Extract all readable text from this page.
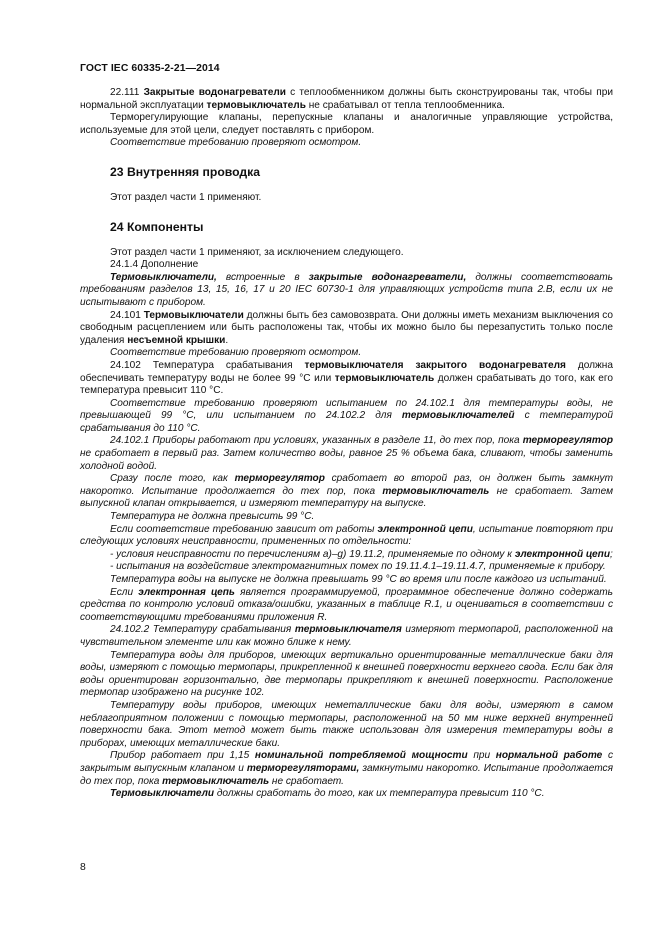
ГОСТ IEC 60335-2-21—2014

22.111 Закрытые водонагреватели с теплообменником должны быть сконструированы так, чтобы при нормальной эксплуатации термовыключатель не срабатывал от тепла теплообменника.

Терморегулирующие клапаны, перепускные клапаны и аналогичные управляющие устройства, используемые для этой цели, следует поставлять с прибором.

Соответствие требованию проверяют осмотром.

23 Внутренняя проводка

Этот раздел части 1 применяют.

24 Компоненты

Этот раздел части 1 применяют, за исключением следующего.

24.1.4 Дополнение

Термовыключатели, встроенные в закрытые водонагреватели, должны соответствовать требованиям разделов 13, 15, 16, 17 и 20 IEC 60730-1 для управляющих устройств типа 2.В, если их не испытывают с прибором.

24.101 Термовыключатели должны быть без самовозврата. Они должны иметь механизм выключения со свободным расцеплением или быть расположены так, чтобы их можно было бы перезапустить только после удаления несъемной крышки.

Соответствие требованию проверяют осмотром.

24.102 Температура срабатывания термовыключателя закрытого водонагревателя должна обеспечивать температуру воды не более 99 °С или термовыключатель должен срабатывать до того, как его температура превысит 110 °С.

Соответствие требованию проверяют испытанием по 24.102.1 для температуры воды, не превышающей 99 °С, или испытанием по 24.102.2 для термовыключателей с температурой срабатывания до 110 °С.

24.102.1 Приборы работают при условиях, указанных в разделе 11, до тех пор, пока терморегулятор не сработает в первый раз. Затем количество воды, равное 25 % объема бака, сливают, чтобы заменить холодной водой.

Сразу после того, как терморегулятор сработает во второй раз, он должен быть замкнут накоротко. Испытание продолжается до тех пор, пока термовыключатель не сработает. Затем выпускной клапан открывается, и измеряют температуру на выпуске.

Температура не должна превысить 99 °С.

Если соответствие требованию зависит от работы электронной цепи, испытание повторяют при следующих условиях неисправности, примененных по отдельности:

- условия неисправности по перечислениям а)–g) 19.11.2, применяемые по одному к электронной цепи;

- испытания на воздействие электромагнитных помех по 19.11.4.1–19.11.4.7, применяемые к прибору.

Температура воды на выпуске не должна превышать 99 °С во время или после каждого из испытаний.

Если электронная цепь является программируемой, программное обеспечение должно содержать средства по контролю условий отказа/ошибки, указанных в таблице R.1, и оцениваться в соответствии с соответствующими требованиями приложения R.

24.102.2 Температуру срабатывания термовыключателя измеряют термопарой, расположенной на чувствительном элементе или как можно ближе к нему.

Температура воды для приборов, имеющих вертикально ориентированные металлические баки для воды, измеряют с помощью термопары, прикрепленной к внешней поверхности верхнего свода. Если бак для воды ориентирован горизонтально, две термопары прикрепляют к внешней поверхности. Расположение термопар изображено на рисунке 102.

Температуру воды приборов, имеющих неметаллические баки для воды, измеряют в самом неблагоприятном положении с помощью термопары, расположенной на 50 мм ниже верхней внутренней поверхности бака. Этот метод может быть также использован для измерения температуры воды в приборах, имеющих металлические баки.

Прибор работает при 1,15 номинальной потребляемой мощности при нормальной работе с закрытым выпускным клапаном и терморегуляторами, замкнутыми накоротко. Испытание продолжается до тех пор, пока термовыключатель не сработает.

Термовыключатели должны сработать до того, как их температура превысит 110 °С.

8
